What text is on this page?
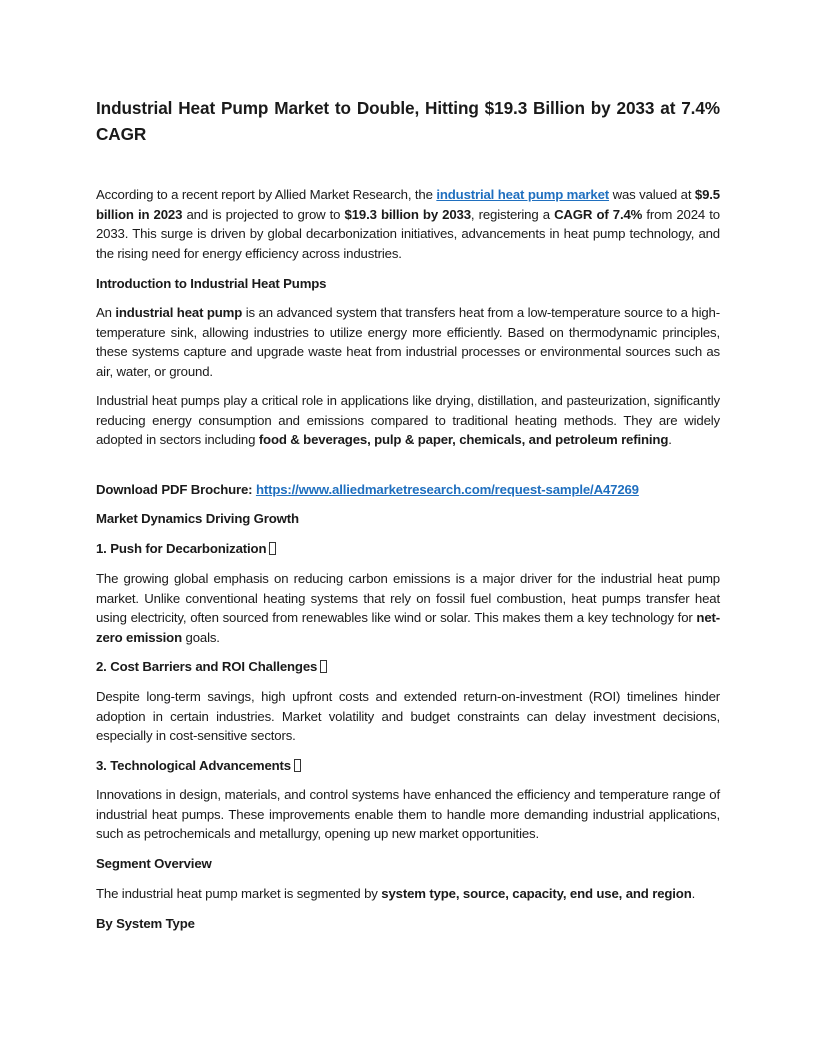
Industrial Heat Pump Market to Double, Hitting $19.3 Billion by 2033 at 7.4% CAGR

According to a recent report by Allied Market Research, the industrial heat pump market was valued at $9.5 billion in 2023 and is projected to grow to $19.3 billion by 2033, registering a CAGR of 7.4% from 2024 to 2033. This surge is driven by global decarbonization initiatives, advancements in heat pump technology, and the rising need for energy efficiency across industries.

Introduction to Industrial Heat Pumps

An industrial heat pump is an advanced system that transfers heat from a low-temperature source to a high-temperature sink, allowing industries to utilize energy more efficiently. Based on thermodynamic principles, these systems capture and upgrade waste heat from industrial processes or environmental sources such as air, water, or ground.

Industrial heat pumps play a critical role in applications like drying, distillation, and pasteurization, significantly reducing energy consumption and emissions compared to traditional heating methods. They are widely adopted in sectors including food & beverages, pulp & paper, chemicals, and petroleum refining.

Download PDF Brochure: https://www.alliedmarketresearch.com/request-sample/A47269

Market Dynamics Driving Growth

1. Push for Decarbonization

The growing global emphasis on reducing carbon emissions is a major driver for the industrial heat pump market. Unlike conventional heating systems that rely on fossil fuel combustion, heat pumps transfer heat using electricity, often sourced from renewables like wind or solar. This makes them a key technology for net-zero emission goals.

2. Cost Barriers and ROI Challenges

Despite long-term savings, high upfront costs and extended return-on-investment (ROI) timelines hinder adoption in certain industries. Market volatility and budget constraints can delay investment decisions, especially in cost-sensitive sectors.

3. Technological Advancements

Innovations in design, materials, and control systems have enhanced the efficiency and temperature range of industrial heat pumps. These improvements enable them to handle more demanding industrial applications, such as petrochemicals and metallurgy, opening up new market opportunities.

Segment Overview

The industrial heat pump market is segmented by system type, source, capacity, end use, and region.

By System Type
